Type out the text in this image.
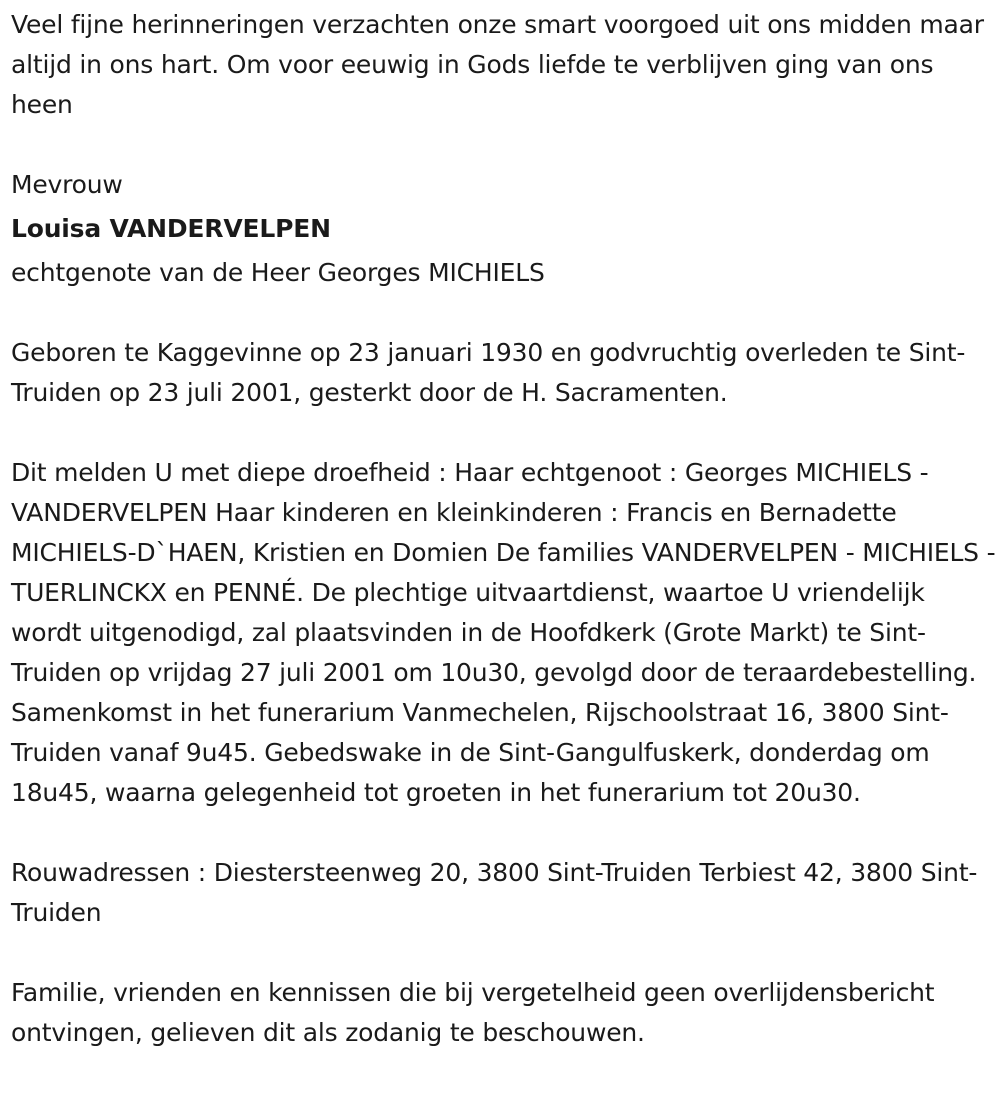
Veel fijne herinneringen verzachten onze smart voorgoed uit ons midden maar altijd in ons hart. Om voor eeuwig in Gods liefde te verblijven ging van ons heen

Mevrouw

Louisa VANDERVELPEN

echtgenote van de Heer Georges MICHIELS

Geboren te Kaggevinne op 23 januari 1930 en godvruchtig overleden te Sint-Truiden op 23 juli 2001, gesterkt door de H. Sacramenten.

Dit melden U met diepe droefheid : Haar echtgenoot : Georges MICHIELS - VANDERVELPEN Haar kinderen en kleinkinderen : Francis en Bernadette MICHIELS-D`HAEN, Kristien en Domien De families VANDERVELPEN - MICHIELS - TUERLINCKX en PENNÉ. De plechtige uitvaartdienst, waartoe U vriendelijk wordt uitgenodigd, zal plaatsvinden in de Hoofdkerk (Grote Markt) te Sint-Truiden op vrijdag 27 juli 2001 om 10u30, gevolgd door de teraardebestelling. Samenkomst in het funerarium Vanmechelen, Rijschoolstraat 16, 3800 Sint-Truiden vanaf 9u45. Gebedswake in de Sint-Gangulfuskerk, donderdag om 18u45, waarna gelegenheid tot groeten in het funerarium tot 20u30.

Rouwadressen : Diestersteenweg 20, 3800 Sint-Truiden Terbiest 42, 3800 Sint-Truiden

Familie, vrienden en kennissen die bij vergetelheid geen overlijdensbericht ontvingen, gelieven dit als zodanig te beschouwen.
